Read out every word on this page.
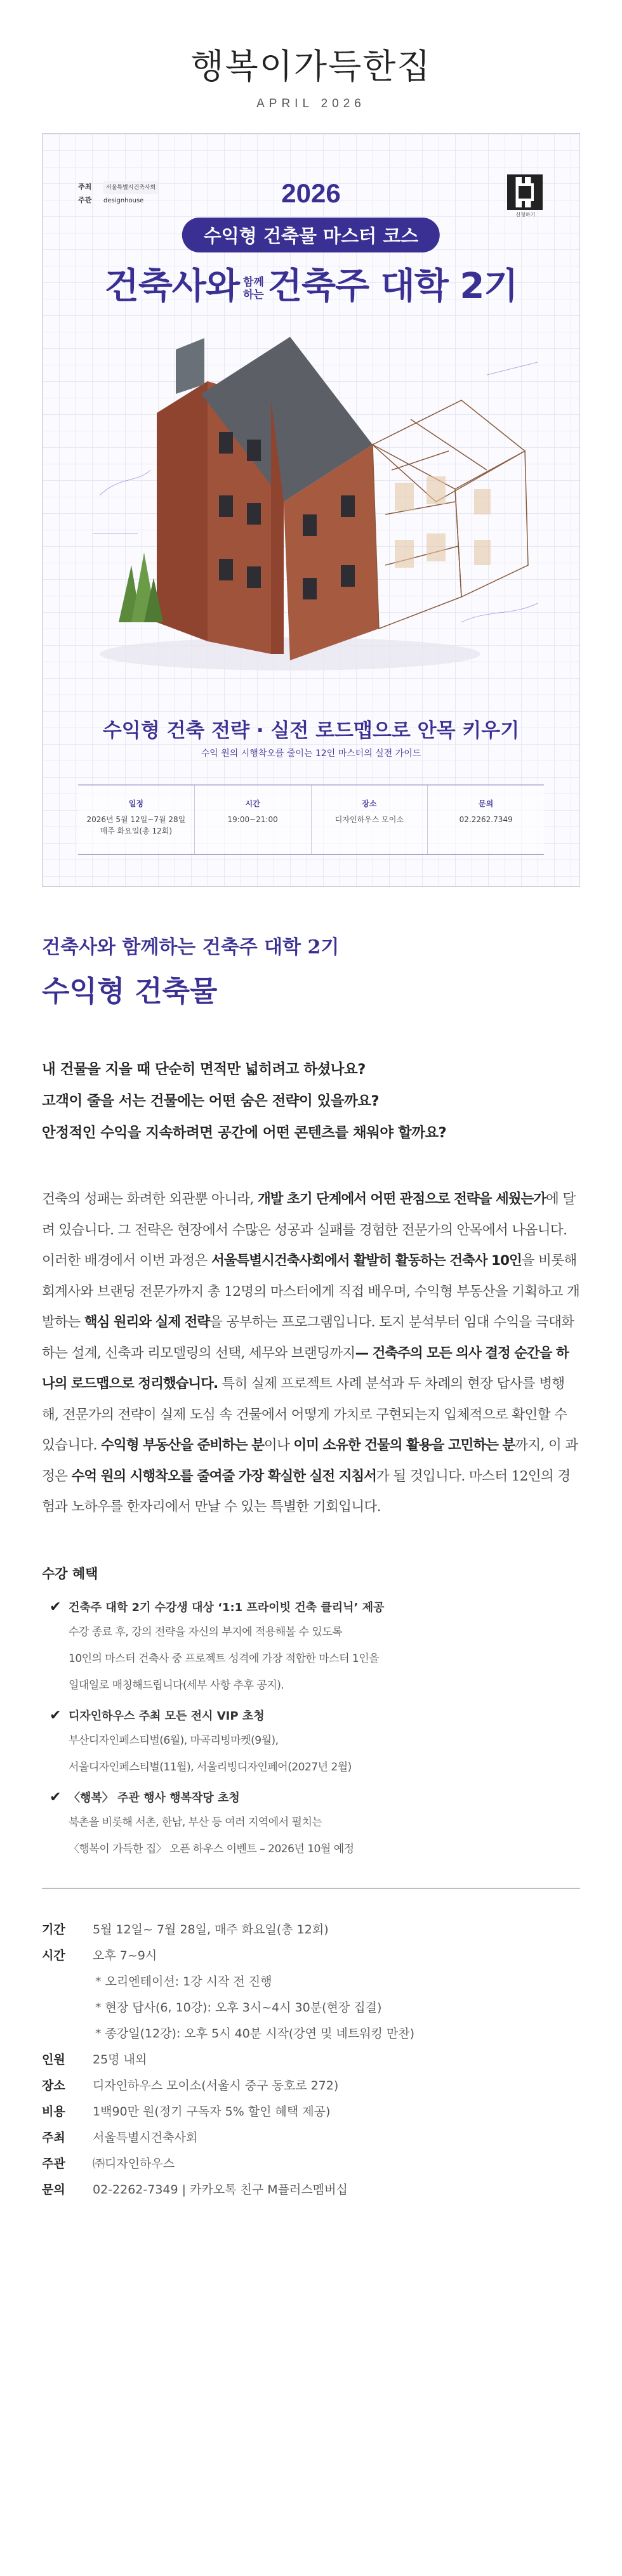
행복이가득한집
APRIL 2026
주최	서울특별시건축사회
주관 designhouse
신청하기
2026
수익형 건축물 마스터 코스
건축사와 함께
하는 건축주 대학 2기
수익형 건축 전략 · 실전 로드맵으로 안목 키우기
수익 원의 시행착오를 줄이는 12인 마스터의 실전 가이드
일정
2026년 5월 12일~7월 28일
매주 화요일(총 12회)
시간
19:00~21:00
장소
디자인하우스 모이소
문의
02.2262.7349
건축사와 함께하는 건축주 대학 2기
수익형 건축물
내 건물을 지을 때 단순히 면적만 넓히려고 하셨나요?
고객이 줄을 서는 건물에는 어떤 숨은 전략이 있을까요?
안정적인 수익을 지속하려면 공간에 어떤 콘텐츠를 채워야 할까요?

건축의 성패는 화려한 외관뿐 아니라, 개발 초기 단계에서 어떤 관점으로 전략을 세웠는가에 달려 있습니다. 그 전략은 현장에서 수많은 성공과 실패를 경험한 전문가의 안목에서 나옵니다. 이러한 배경에서 이번 과정은 서울특별시건축사회에서 활발히 활동하는 건축사 10인을 비롯해 회계사와 브랜딩 전문가까지 총 12명의 마스터에게 직접 배우며, 수익형 부동산을 기획하고 개발하는 핵심 원리와 실제 전략을 공부하는 프로그램입니다. 토지 분석부터 임대 수익을 극대화하는 설계, 신축과 리모델링의 선택, 세무와 브랜딩까지— 건축주의 모든 의사 결정 순간을 하나의 로드맵으로 정리했습니다. 특히 실제 프로젝트 사례 분석과 두 차례의 현장 답사를 병행해, 전문가의 전략이 실제 도심 속 건물에서 어떻게 가치로 구현되는지 입체적으로 확인할 수 있습니다. 수익형 부동산을 준비하는 분이나 이미 소유한 건물의 활용을 고민하는 분까지, 이 과정은 수억 원의 시행착오를 줄여줄 가장 확실한 실전 지침서가 될 것입니다. 마스터 12인의 경험과 노하우를 한자리에서 만날 수 있는 특별한 기회입니다.

수강 혜택
✔ 건축주 대학 2기 수강생 대상 ‘1:1 프라이빗 건축 클리닉’ 제공
수강 종료 후, 강의 전략을 자신의 부지에 적용해볼 수 있도록
10인의 마스터 건축사 중 프로젝트 성격에 가장 적합한 마스터 1인을
일대일로 매칭해드립니다(세부 사항 추후 공지).
✔ 디자인하우스 주최 모든 전시 VIP 초청
부산디자인페스티벌(6월), 마곡리빙마켓(9월),
서울디자인페스티벌(11월), 서울리빙디자인페어(2027년 2월)
✔ 〈행복〉 주관 행사 행복작당 초청
북촌을 비롯해 서촌, 한남, 부산 등 여러 지역에서 펼치는
〈행복이 가득한 집〉 오픈 하우스 이벤트 – 2026년 10월 예정
기간	5월 12일~ 7월 28일, 매주 화요일(총 12회)
시간	오후 7~9시
* 오리엔테이션: 1강 시작 전 진행
* 현장 답사(6, 10강): 오후 3시~4시 30분(현장 집결)
* 종강일(12강): 오후 5시 40분 시작(강연 및 네트워킹 만찬)

인원	25명 내외
장소	디자인하우스 모이소(서울시 중구 동호로 272)
비용	1백90만 원(정기 구독자 5% 할인 혜택 제공)
주최	서울특별시건축사회
주관	㈜디자인하우스
문의	02-2262-7349 | 카카오톡 친구 M플러스멤버십
